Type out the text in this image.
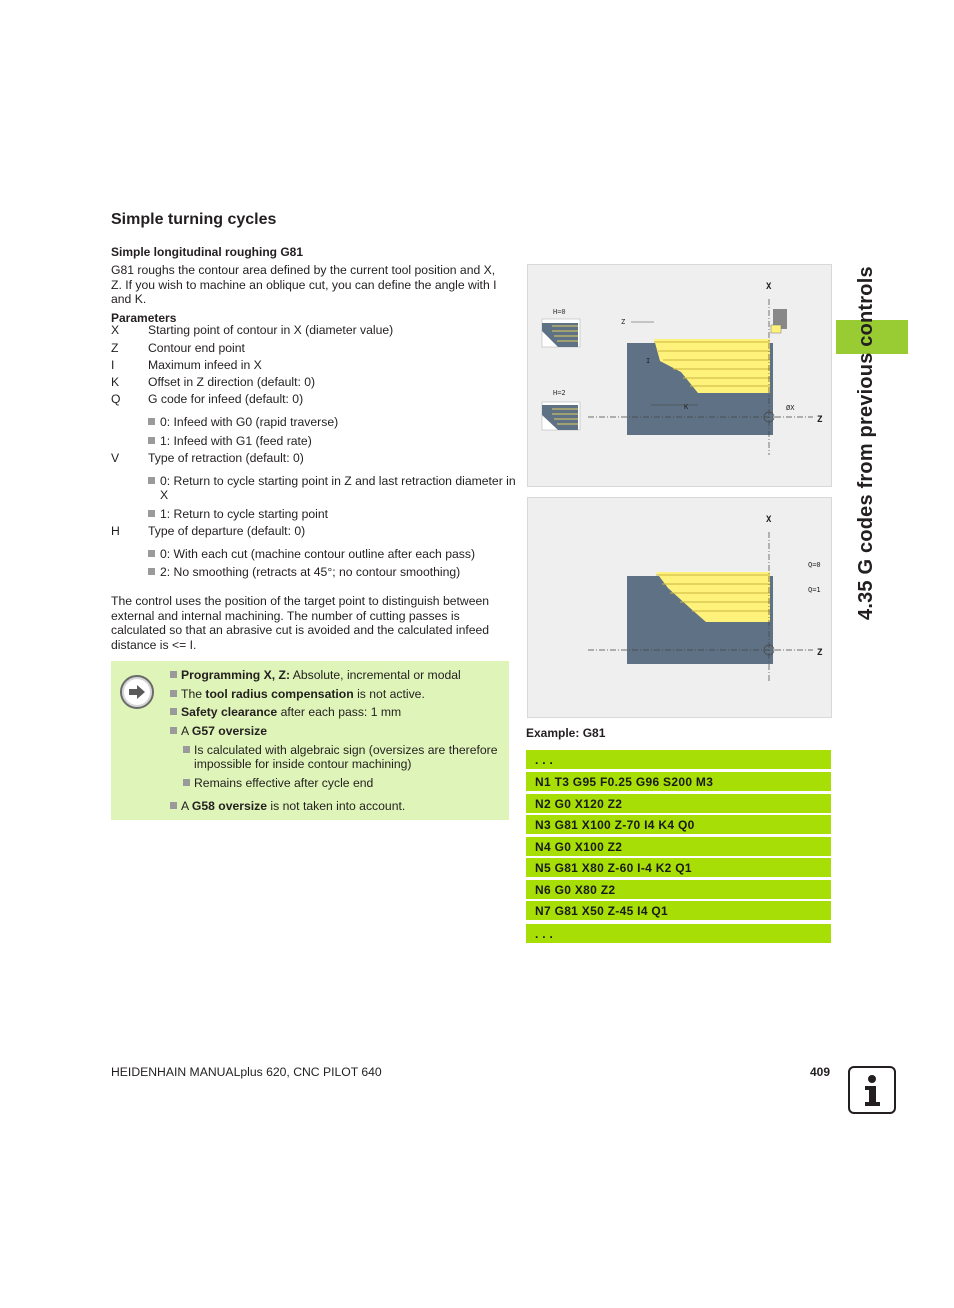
Simple turning cycles
Simple longitudinal roughing G81
G81 roughs the contour area defined by the current tool position and X, Z. If you wish to machine an oblique cut, you can define the angle with I and K.
Parameters
X	Starting point of contour in X (diameter value)
Z	Contour end point
I	Maximum infeed in X
K	Offset in Z direction (default: 0)
Q	G code for infeed (default: 0)
0: Infeed with G0 (rapid traverse)
1: Infeed with G1 (feed rate)
V	Type of retraction (default: 0)
0: Return to cycle starting point in Z and last retraction diameter in X
1: Return to cycle starting point
H	Type of departure (default: 0)
0: With each cut (machine contour outline after each pass)
2: No smoothing (retracts at 45°; no contour smoothing)
The control uses the position of the target point to distinguish between external and internal machining. The number of cutting passes is calculated so that an abrasive cut is avoided and the calculated infeed distance is <= I.
Programming X, Z: Absolute, incremental or modal
The tool radius compensation is not active.
Safety clearance after each pass: 1 mm
A G57 oversize
Is calculated with algebraic sign (oversizes are therefore impossible for inside contour machining)
Remains effective after cycle end
A G58 oversize is not taken into account.
H=0
H=2
X
Z
Z
I
K	ØX
X
Z
Q=0
Q=1
Example: G81
. . .
N1 T3 G95 F0.25 G96 S200 M3
N2 G0 X120 Z2
N3 G81 X100 Z-70 I4 K4 Q0
N4 G0 X100 Z2
N5 G81 X80 Z-60 I-4 K2 Q1
N6 G0 X80 Z2
N7 G81 X50 Z-45 I4 Q1
. . .
4.35 G codes from previous controls
HEIDENHAIN MANUALplus 620, CNC PILOT 640	409
